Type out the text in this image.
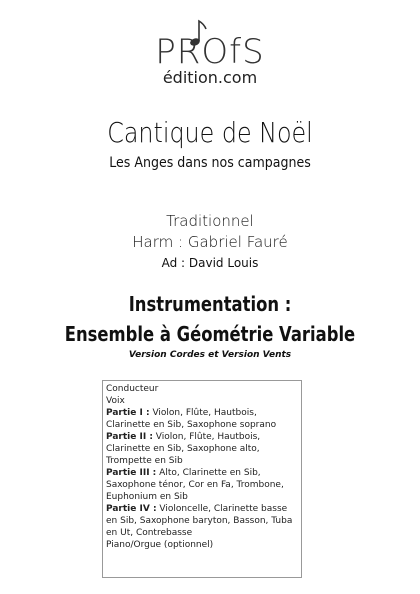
PROfS
édition.com
Cantique de Noël
Les Anges dans nos campagnes
Traditionnel
Harm : Gabriel Fauré
Ad : David Louis
Instrumentation :
Ensemble à Géométrie Variable
Version Cordes et Version Vents
Conducteur
Voix
Partie I : Violon, Flûte, Hautbois, Clarinette en Sib, Saxophone soprano
Partie II : Violon, Flûte, Hautbois, Clarinette en Sib, Saxophone alto, Trompette en Sib
Partie III : Alto, Clarinette en Sib, Saxophone ténor, Cor en Fa, Trombone, Euphonium en Sib
Partie IV : Violoncelle, Clarinette basse en Sib, Saxophone baryton, Basson, Tuba en Ut, Contrebasse
Piano/Orgue (optionnel)
